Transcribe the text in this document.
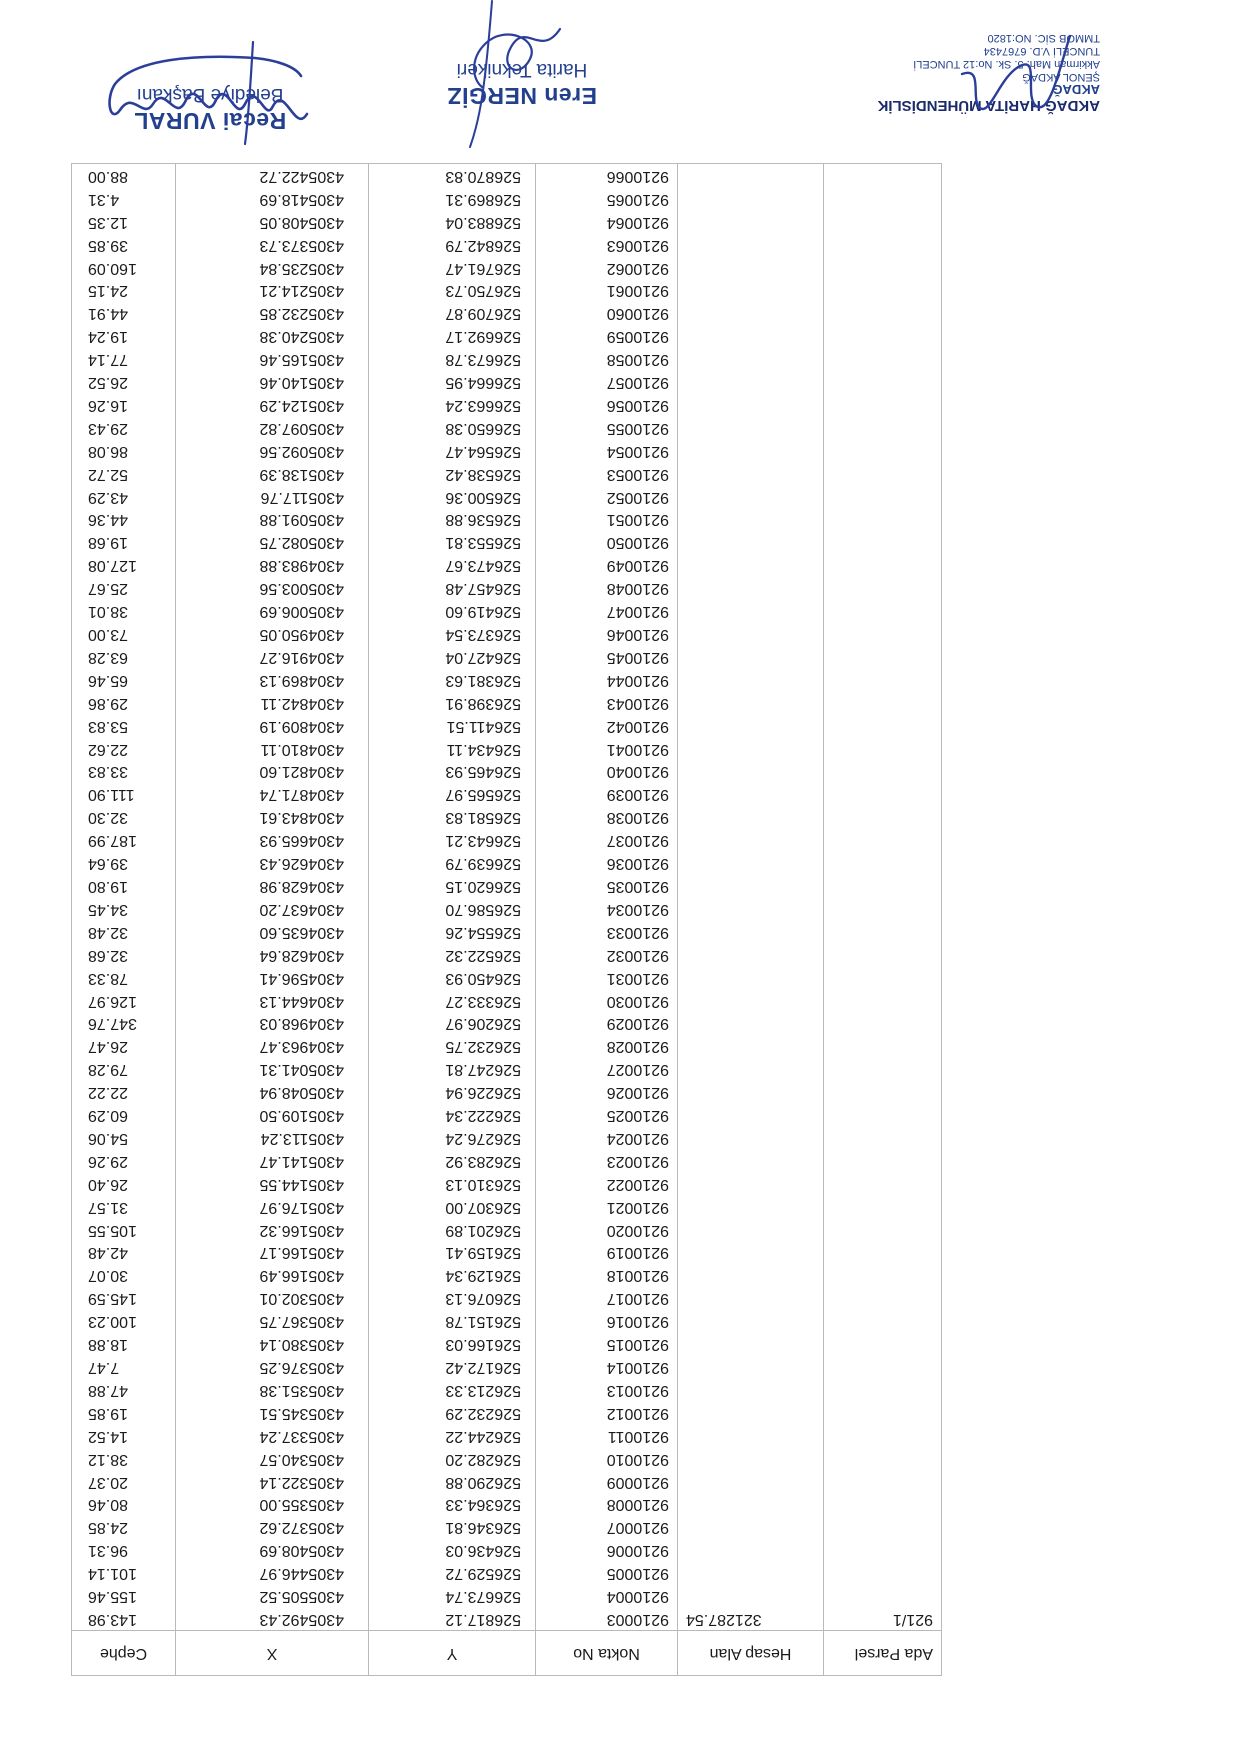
Ada Parsel	Hesap Alan	Nokta No	Y	X	Cephe
921/1	321287.54	9210003	526817.12	4305492.43	143.98
		9210004	526673.74	4305505.52	155.46
		9210005	526529.72	4305446.97	101.14
		9210006	526436.03	4305408.69	96.31
		9210007	526346.81	4305372.62	24.85
		9210008	526364.33	4305355.00	80.46
		9210009	526290.88	4305322.14	20.37
		9210010	526282.20	4305340.57	38.12
		9210011	526244.22	4305337.24	14.52
		9210012	526232.29	4305345.51	19.85
		9210013	526213.33	4305351.38	47.88
		9210014	526172.42	4305376.25	7.47
		9210015	526166.03	4305380.14	18.88
		9210016	526151.78	4305367.75	100.23
		9210017	526076.13	4305302.01	145.59
		9210018	526129.34	4305166.49	30.07
		9210019	526159.41	4305166.17	42.48
		9210020	526201.89	4305166.32	105.55
		9210021	526307.00	4305176.97	31.57
		9210022	526310.13	4305144.55	26.40
		9210023	526283.92	4305141.47	29.26
		9210024	526276.24	4305113.24	54.06
		9210025	526222.34	4305109.50	60.29
		9210026	526226.94	4305048.94	22.22
		9210027	526247.81	4305041.31	79.28
		9210028	526232.75	4304963.47	26.47
		9210029	526206.97	4304968.03	347.76
		9210030	526333.27	4304644.13	126.97
		9210031	526450.93	4304596.41	78.33
		9210032	526522.32	4304628.64	32.68
		9210033	526554.26	4304635.60	32.48
		9210034	526586.70	4304637.20	34.45
		9210035	526620.15	4304628.98	19.80
		9210036	526639.79	4304626.43	39.64
		9210037	526643.21	4304665.93	187.99
		9210038	526581.83	4304843.61	32.30
		9210039	526565.97	4304871.74	111.90
		9210040	526465.93	4304821.60	33.83
		9210041	526434.11	4304810.11	22.62
		9210042	526411.51	4304809.19	53.83
		9210043	526398.91	4304842.11	29.86
		9210044	526381.63	4304869.13	65.46
		9210045	526427.04	4304916.27	63.28
		9210046	526373.54	4304950.05	73.00
		9210047	526419.60	4305006.69	38.01
		9210048	526457.48	4305003.56	25.67
		9210049	526473.67	4304983.88	127.08
		9210050	526553.81	4305082.75	19.68
		9210051	526536.88	4305091.88	44.36
		9210052	526500.36	4305117.76	43.29
		9210053	526538.42	4305138.39	52.72
		9210054	526564.47	4305092.56	86.08
		9210055	526650.38	4305097.82	29.43
		9210056	526663.24	4305124.29	16.26
		9210057	526664.95	4305140.46	26.52
		9210058	526673.78	4305165.46	77.14
		9210059	526692.17	4305240.38	19.24
		9210060	526709.87	4305232.85	44.91
		9210061	526750.73	4305214.21	24.15
		9210062	526761.47	4305235.84	160.09
		9210063	526842.79	4305373.73	39.85
		9210064	526883.04	4305408.05	12.35
		9210065	526869.31	4305418.69	4.31
		9210066	526870.83	4305422.72	88.00
Recai VURAL
Belediye Başkanı	Eren NERGİZ
Harita Teknikeri
AKDAĞ HARİTA MÜHENDİSLİK
AKDAĞ
ŞENOL AKDAĞ
Akkirman Mah. 5. Sk. No:12 TUNCELİ
TUNCELİ V.D. 6767434
TMMOB SİC. NO:1820
